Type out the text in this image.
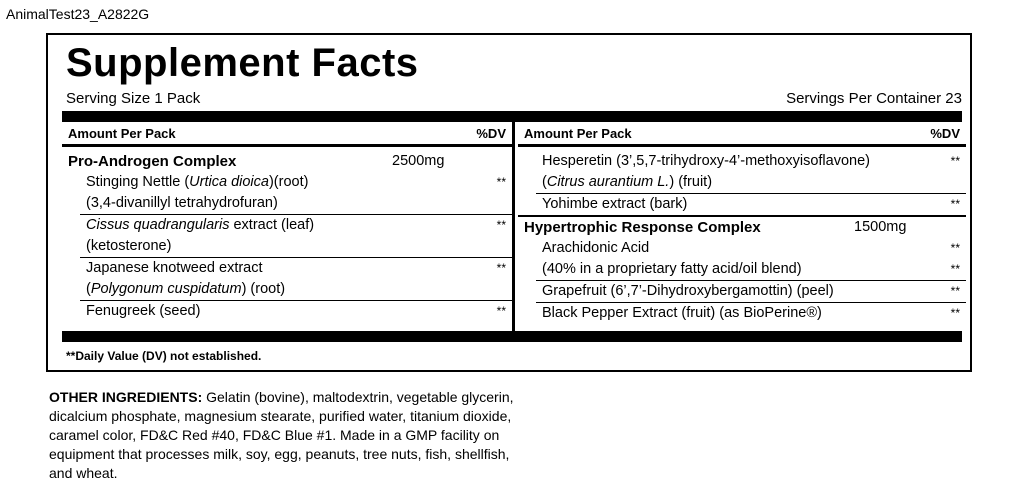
AnimalTest23_A2822G
Supplement Facts
Serving Size 1 Pack	Servings Per Container 23
Amount Per Pack	%DV
Pro-Androgen Complex	2500mg
Stinging Nettle (Urtica dioica)(root)	**
(3,4-divanillyl tetrahydrofuran)
Cissus quadrangularis extract (leaf)	**
(ketosterone)
Japanese knotweed extract	**
(Polygonum cuspidatum) (root)
Fenugreek (seed)	**
Amount Per Pack	%DV
Hesperetin (3’,5,7-trihydroxy-4’-methoxyisoflavone)	**
(Citrus aurantium L.) (fruit)
Yohimbe extract (bark)	**
Hypertrophic Response Complex	1500mg
Arachidonic Acid	**
(40% in a proprietary fatty acid/oil blend)	**
Grapefruit (6’,7’-Dihydroxybergamottin) (peel)	**
Black Pepper Extract (fruit) (as BioPerine®)	**
**Daily Value (DV) not established.
OTHER INGREDIENTS: Gelatin (bovine), maltodextrin, vegetable glycerin, dicalcium phosphate, magnesium stearate, purified water, titanium dioxide, caramel color, FD&C Red #40, FD&C Blue #1. Made in a GMP facility on equipment that processes milk, soy, egg, peanuts, tree nuts, fish, shellfish, and wheat.
